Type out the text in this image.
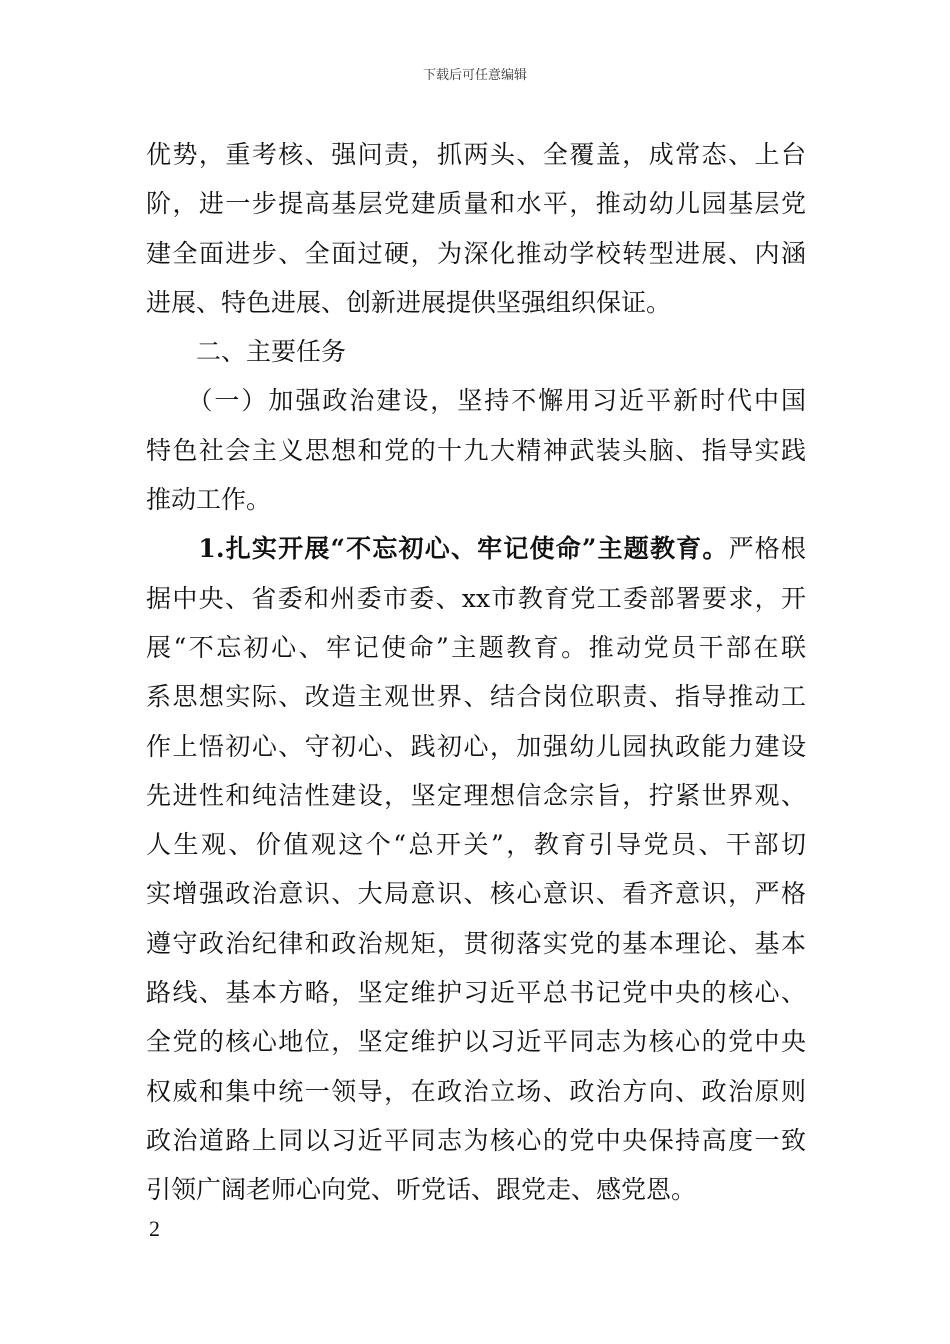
下载后可任意编辑
优势，重考核、强问责，抓两头、全覆盖，成常态、上台
阶，进一步提高基层党建质量和水平，推动幼儿园基层党
建全面进步、全面过硬，为深化推动学校转型进展、内涵
进展、特色进展、创新进展提供坚强组织保证。
　　二、主要任务
　　（一）加强政治建设，坚持不懈用习近平新时代中国
特色社会主义思想和党的十九大精神武装头脑、指导实践
推动工作。
　　1.扎实开展“不忘初心、牢记使命”主题教育。严格根
据中央、省委和州委市委、xx市教育党工委部署要求，开
展“不忘初心、牢记使命”主题教育。推动党员干部在联
系思想实际、改造主观世界、结合岗位职责、指导推动工
作上悟初心、守初心、践初心，加强幼儿园执政能力建设
先进性和纯洁性建设，坚定理想信念宗旨，拧紧世界观、
人生观、价值观这个“总开关”，教育引导党员、干部切
实增强政治意识、大局意识、核心意识、看齐意识，严格
遵守政治纪律和政治规矩，贯彻落实党的基本理论、基本
路线、基本方略，坚定维护习近平总书记党中央的核心、
全党的核心地位，坚定维护以习近平同志为核心的党中央
权威和集中统一领导，在政治立场、政治方向、政治原则
政治道路上同以习近平同志为核心的党中央保持高度一致
引领广阔老师心向党、听党话、跟党走、感党恩。
2
